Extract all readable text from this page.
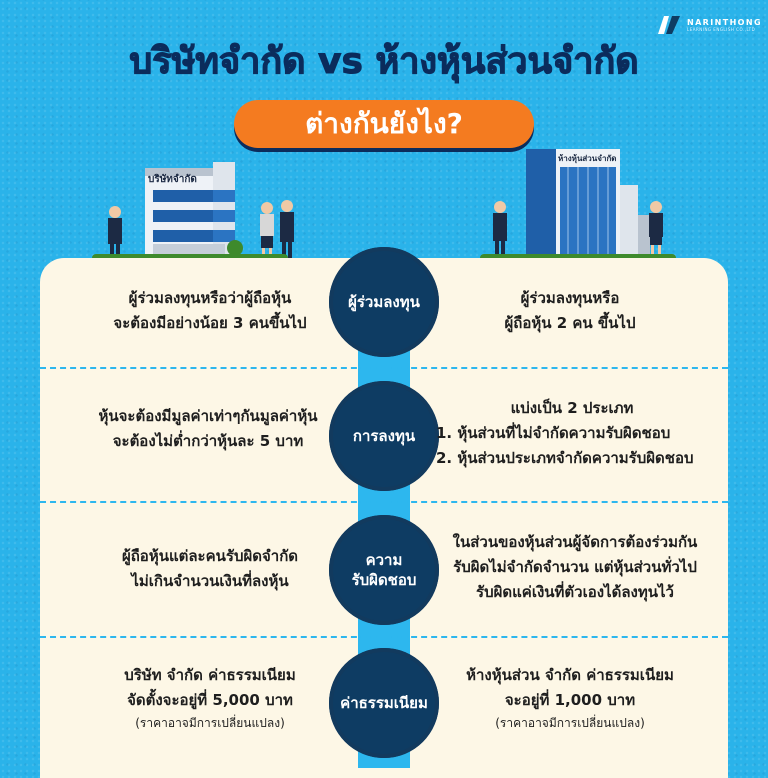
NARINTHONG
LEARNING ENGLISH CO.,LTD
บริษัทจำกัด vs ห้างหุ้นส่วนจำกัด
ต่างกันยังไง?
บริษัทจำกัด
ห้างหุ้นส่วนจำกัด
ผู้ร่วมลงทุนหรือว่าผู้ถือหุ้น
จะต้องมีอย่างน้อย 3 คนขึ้นไป
ผู้ร่วมลงทุน	ผู้ร่วมลงทุนหรือ
ผู้ถือหุ้น 2 คน ขึ้นไป
หุ้นจะต้องมีมูลค่าเท่าๆกันมูลค่าหุ้น
จะต้องไม่ต่ำกว่าหุ้นละ 5 บาท	การลงทุน
แบ่งเป็น 2 ประเภท
1. หุ้นส่วนที่ไม่จำกัดความรับผิดชอบ
2. หุ้นส่วนประเภทจำกัดความรับผิดชอบ
ผู้ถือหุ้นแต่ละคนรับผิดจำกัด
ไม่เกินจำนวนเงินที่ลงหุ้น
ความ
รับผิดชอบ
ในส่วนของหุ้นส่วนผู้จัดการต้องร่วมกัน
รับผิดไม่จำกัดจำนวน แต่หุ้นส่วนทั่วไป
รับผิดแค่เงินที่ตัวเองได้ลงทุนไว้
บริษัท จำกัด ค่าธรรมเนียม
จัดตั้งจะอยู่ที่ 5,000 บาท
(ราคาอาจมีการเปลี่ยนแปลง)
ค่าธรรมเนียม
ห้างหุ้นส่วน จำกัด ค่าธรรมเนียม
จะอยู่ที่ 1,000 บาท
(ราคาอาจมีการเปลี่ยนแปลง)
